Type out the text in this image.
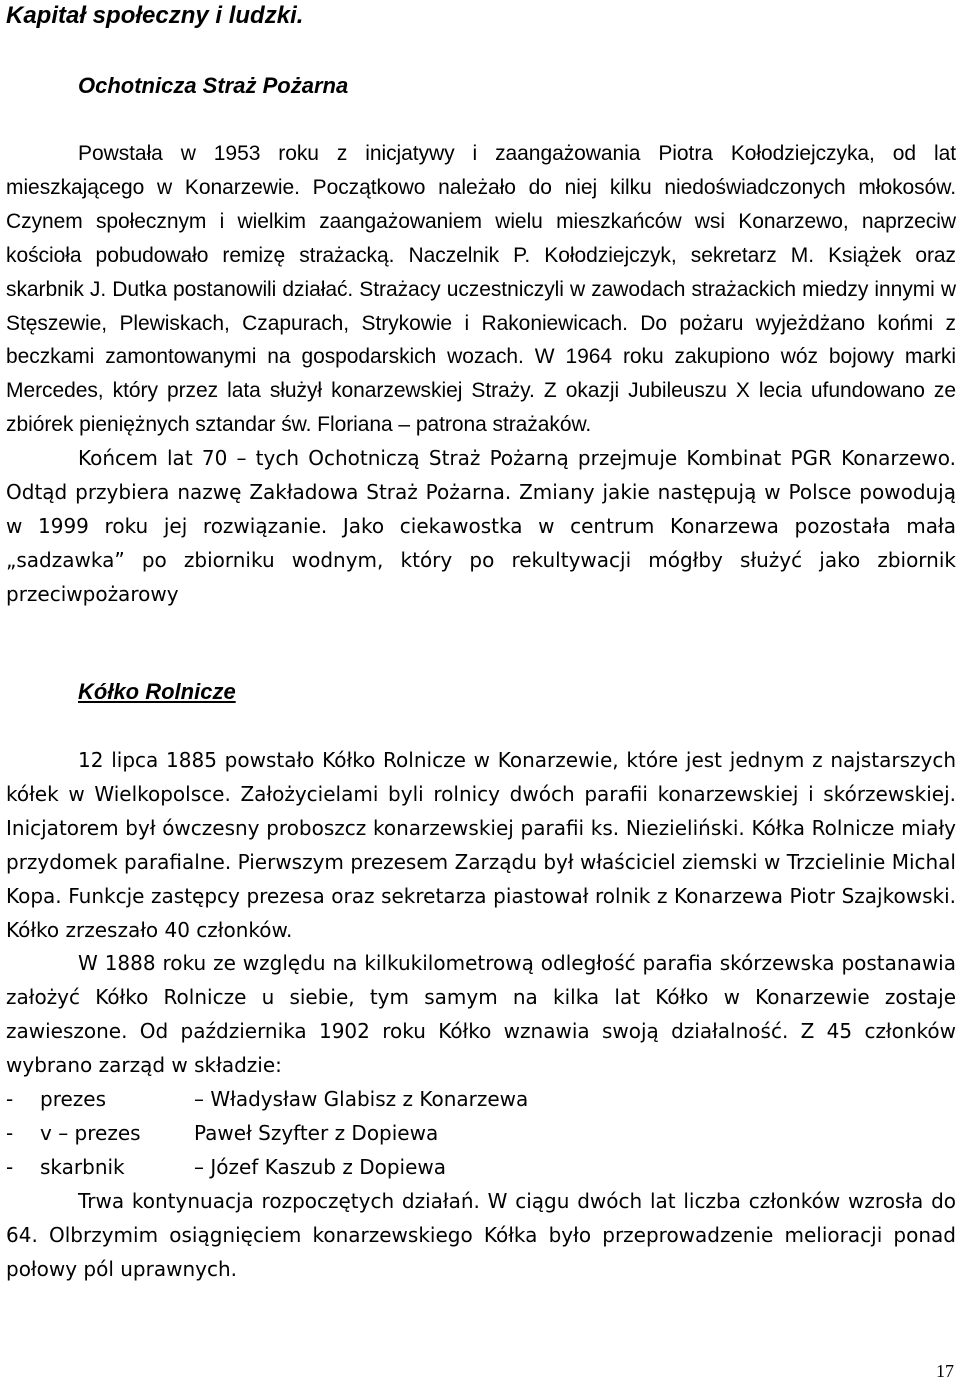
Kapitał społeczny i ludzki.
Ochotnicza Straż Pożarna

Powstała w 1953 roku z inicjatywy i zaangażowania Piotra Kołodziejczyka, od lat mieszkającego w Konarzewie. Początkowo należało do niej kilku niedoświadczonych młokosów. Czynem społecznym i wielkim zaangażowaniem wielu mieszkańców wsi Konarzewo, naprzeciw kościoła pobudowało remizę strażacką. Naczelnik P. Kołodziejczyk, sekretarz M. Książek oraz skarbnik J. Dutka postanowili działać. Strażacy uczestniczyli w zawodach strażackich miedzy innymi w Stęszewie, Plewiskach, Czapurach, Strykowie i Rakoniewicach. Do pożaru wyjeżdżano końmi z beczkami zamontowanymi na gospodarskich wozach. W 1964 roku zakupiono wóz bojowy marki Mercedes, który przez lata służył konarzewskiej Straży. Z okazji Jubileuszu X lecia ufundowano ze zbiórek pieniężnych sztandar św. Floriana – patrona strażaków.

Końcem lat 70 – tych Ochotniczą Straż Pożarną przejmuje Kombinat PGR Konarzewo. Odtąd przybiera nazwę Zakładowa Straż Pożarna. Zmiany jakie następują w Polsce powodują w 1999 roku jej rozwiązanie. Jako ciekawostka w centrum Konarzewa pozostała mała „sadzawka” po zbiorniku wodnym, który po rekultywacji mógłby służyć jako zbiornik przeciwpożarowy

Kółko Rolnicze

12 lipca 1885 powstało Kółko Rolnicze w Konarzewie, które jest jednym z najstarszych kółek w Wielkopolsce. Założycielami byli rolnicy dwóch parafii konarzewskiej i skórzewskiej. Inicjatorem był ówczesny proboszcz konarzewskiej parafii ks. Niezieliński. Kółka Rolnicze miały przydomek parafialne. Pierwszym prezesem Zarządu był właściciel ziemski w Trzcielinie Michal Kopa. Funkcje zastępcy prezesa oraz sekretarza piastował rolnik z Konarzewa Piotr Szajkowski. Kółko zrzeszało 40 członków.

W 1888 roku ze względu na kilkukilometrową odległość parafia skórzewska postanawia założyć Kółko Rolnicze u siebie, tym samym na kilka lat Kółko w Konarzewie zostaje zawieszone. Od października 1902 roku Kółko wznawia swoją działalność. Z 45 członków wybrano zarząd w składzie:

- prezes	– Władysław Glabisz z Konarzewa
- v – prezes	Paweł Szyfter z Dopiewa
- skarbnik	– Józef Kaszub z Dopiewa

Trwa kontynuacja rozpoczętych działań. W ciągu dwóch lat liczba członków wzrosła do 64. Olbrzymim osiągnięciem konarzewskiego Kółka było przeprowadzenie melioracji ponad połowy pól uprawnych.

17
